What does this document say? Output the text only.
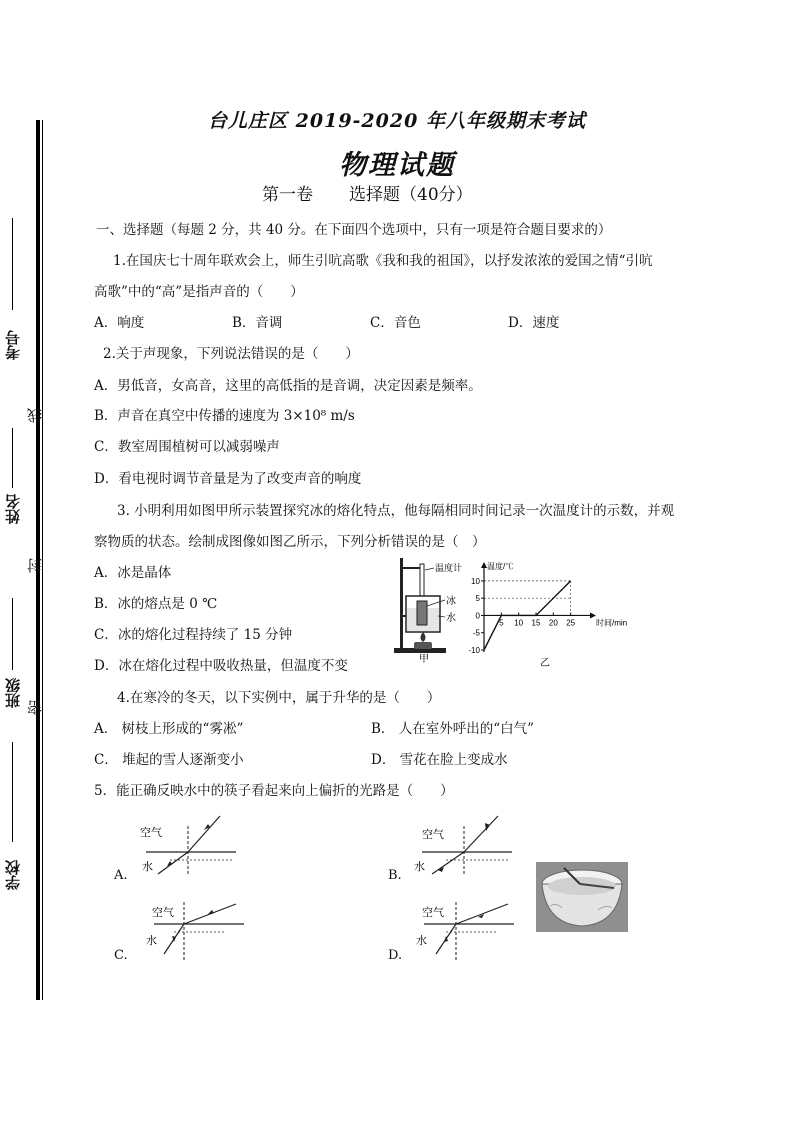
考号
线
姓名
封
班级 密
学校
台儿庄区 2019-2020 年八年级期末考试
物理试题
第一卷 选择题（40分）
一、选择题（每题 2 分，共 40 分。在下面四个选项中，只有一项是符合题目要求的）
1.在国庆七十周年联欢会上，师生引吭高歌《我和我的祖国》，以抒发浓浓的爱国之情“引吭
高歌”中的“高”是指声音的（　　）
A．响度	B．音调	C．音色	D．速度
2.关于声现象，下列说法错误的是（　　）
A．男低音，女高音，这里的高低指的是音调，决定因素是频率。
B．声音在真空中传播的速度为 3×10⁸ m/s
C．教室周围植树可以减弱噪声
D．看电视时调节音量是为了改变声音的响度
3. 小明利用如图甲所示装置探究冰的熔化特点，他每隔相同时间记录一次温度计的示数，并观
察物质的状态。绘制成图像如图乙所示，下列分析错误的是（　）
A．冰是晶体
B．冰的熔点是 0 ℃
C．冰的熔化过程持续了 15 分钟
D．冰在熔化过程中吸收热量，但温度不变
温度计
冰
水
甲
-10
-5
0
5
10
5 10 15 20 25
温度/℃
时间/min
乙
4.在寒冷的冬天，以下实例中，属于升华的是（　　）
A． 树枝上形成的“雾凇”	B． 人在室外呼出的“白气”
C． 堆起的雪人逐渐变小	D． 雪花在脸上变成水
5．能正确反映水中的筷子看起来向上偏折的光路是（　　）
A.	B.
C.	D.
空气
水
空气
水
空气
水
空气
水
